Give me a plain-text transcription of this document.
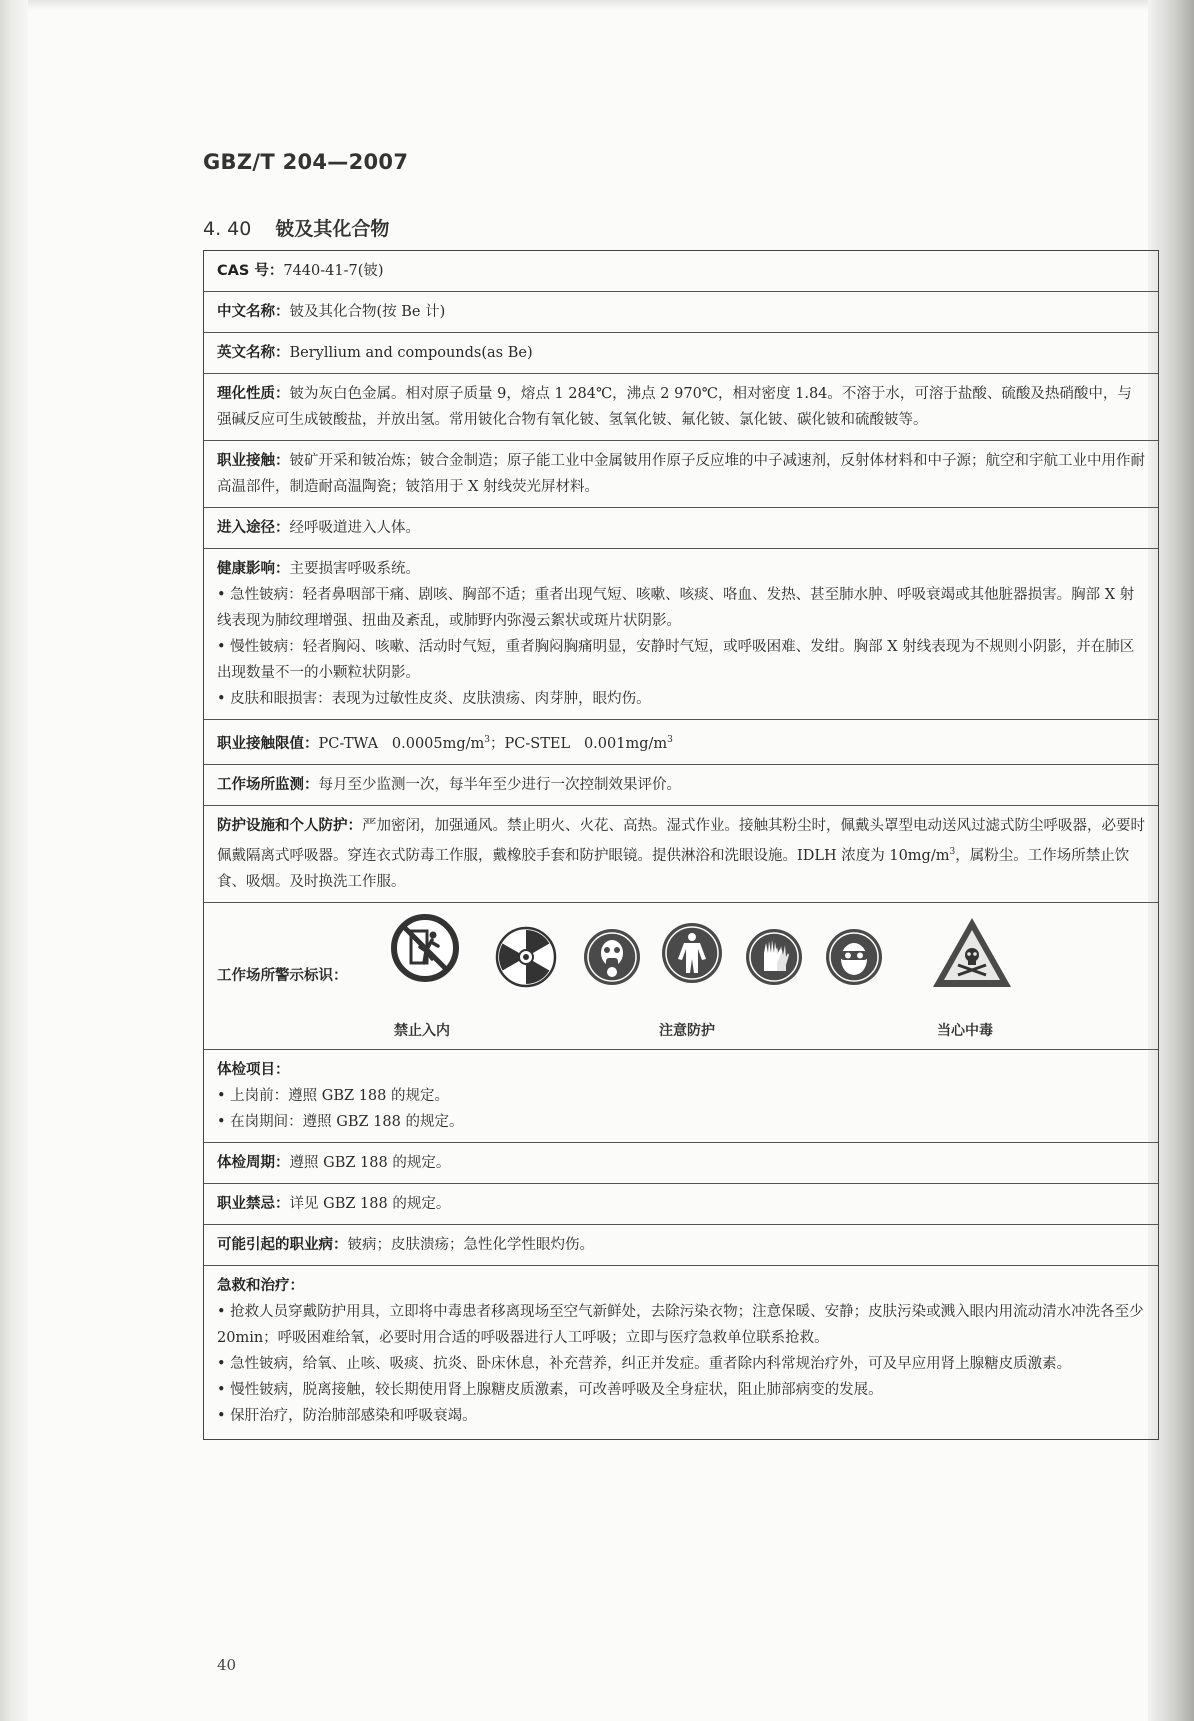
GBZ/T 204—2007
4. 40 铍及其化合物
CAS 号：7440-41-7(铍)
中文名称：铍及其化合物(按 Be 计)
英文名称：Beryllium and compounds(as Be)
理化性质：铍为灰白色金属。相对原子质量 9，熔点 1 284℃，沸点 2 970℃，相对密度 1.84。不溶于水，可溶于盐酸、硫酸及热硝酸中，与强碱反应可生成铍酸盐，并放出氢。常用铍化合物有氧化铍、氢氧化铍、氟化铍、氯化铍、碳化铍和硫酸铍等。
职业接触：铍矿开采和铍冶炼；铍合金制造；原子能工业中金属铍用作原子反应堆的中子减速剂，反射体材料和中子源；航空和宇航工业中用作耐高温部件，制造耐高温陶瓷；铍箔用于 X 射线荧光屏材料。
进入途径：经呼吸道进入人体。
健康影响：主要损害呼吸系统。
• 急性铍病：轻者鼻咽部干痛、剧咳、胸部不适；重者出现气短、咳嗽、咳痰、咯血、发热、甚至肺水肿、呼吸衰竭或其他脏器损害。胸部 X 射线表现为肺纹理增强、扭曲及紊乱，或肺野内弥漫云絮状或斑片状阴影。
• 慢性铍病：轻者胸闷、咳嗽、活动时气短，重者胸闷胸痛明显，安静时气短，或呼吸困难、发绀。胸部 X 射线表现为不规则小阴影，并在肺区出现数量不一的小颗粒状阴影。
• 皮肤和眼损害：表现为过敏性皮炎、皮肤溃疡、肉芽肿，眼灼伤。
职业接触限值：PC-TWA $0.0005mg/m^3$；PC-STEL $0.001mg/m^3$
工作场所监测：每月至少监测一次，每半年至少进行一次控制效果评价。
防护设施和个人防护：严加密闭，加强通风。禁止明火、火花、高热。湿式作业。接触其粉尘时，佩戴头罩型电动送风过滤式防尘呼吸器，必要时佩戴隔离式呼吸器。穿连衣式防毒工作服，戴橡胶手套和防护眼镜。提供淋浴和洗眼设施。IDLH 浓度为 $10mg/m^3$，属粉尘。工作场所禁止饮食、吸烟。及时换洗工作服。
工作场所警示标识：
禁止入内	注意防护	当心中毒
体检项目：
• 上岗前：遵照 GBZ 188 的规定。
• 在岗期间：遵照 GBZ 188 的规定。
体检周期：遵照 GBZ 188 的规定。
职业禁忌：详见 GBZ 188 的规定。
可能引起的职业病：铍病；皮肤溃疡；急性化学性眼灼伤。
急救和治疗：
• 抢救人员穿戴防护用具，立即将中毒患者移离现场至空气新鲜处，去除污染衣物；注意保暖、安静；皮肤污染或溅入眼内用流动清水冲洗各至少 20min；呼吸困难给氧，必要时用合适的呼吸器进行人工呼吸；立即与医疗急救单位联系抢救。
• 急性铍病，给氧、止咳、吸痰、抗炎、卧床休息，补充营养，纠正并发症。重者除内科常规治疗外，可及早应用肾上腺糖皮质激素。
• 慢性铍病，脱离接触，较长期使用肾上腺糖皮质激素，可改善呼吸及全身症状，阻止肺部病变的发展。
• 保肝治疗，防治肺部感染和呼吸衰竭。
40
